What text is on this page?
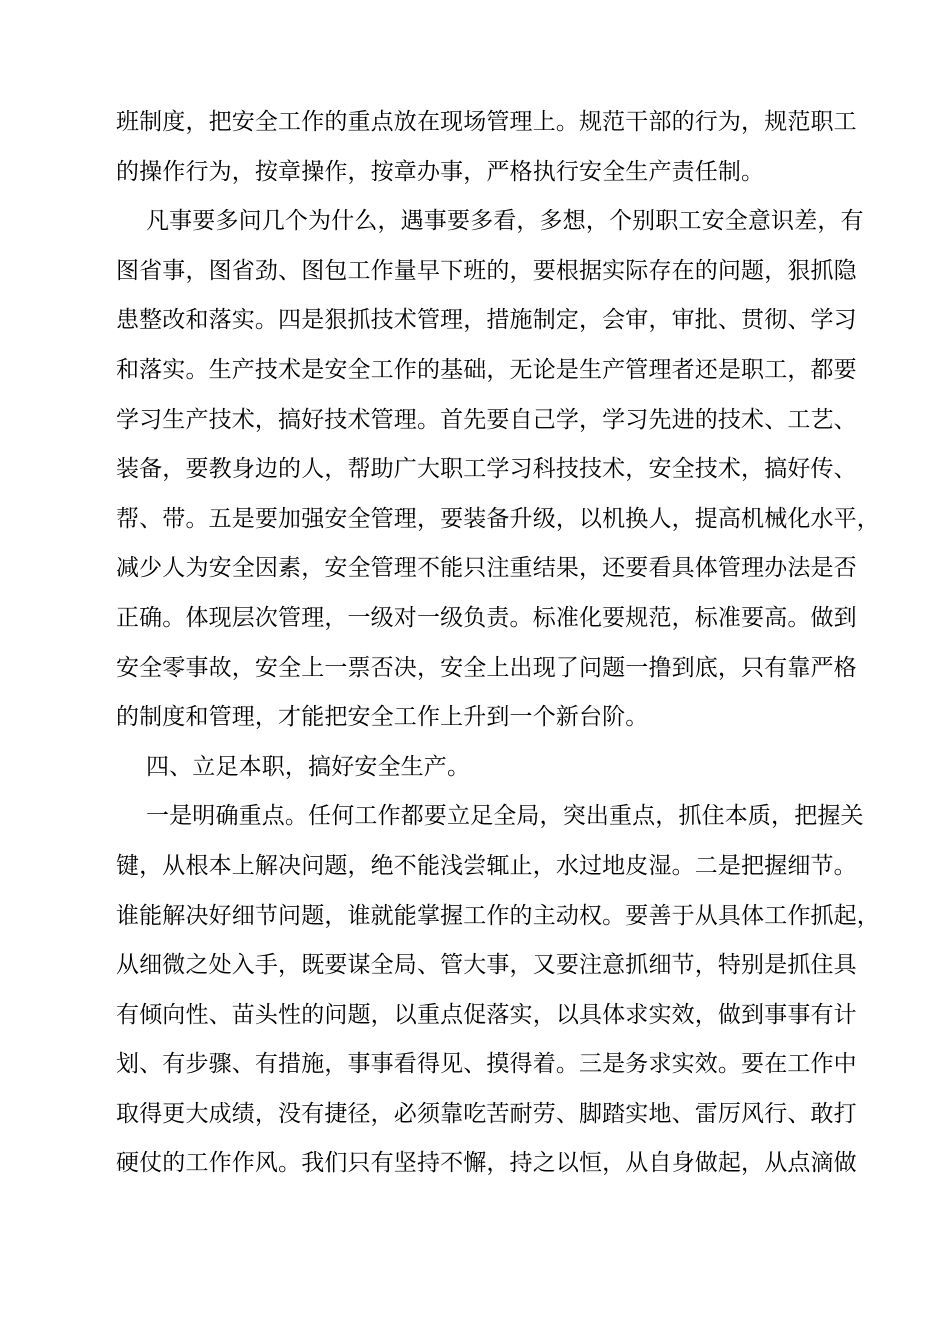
班制度，把安全工作的重点放在现场管理上。规范干部的行为，规范职工
的操作行为，按章操作，按章办事，严格执行安全生产责任制。
凡事要多问几个为什么，遇事要多看，多想，个别职工安全意识差，有
图省事，图省劲、图包工作量早下班的，要根据实际存在的问题，狠抓隐
患整改和落实。四是狠抓技术管理，措施制定，会审，审批、贯彻、学习
和落实。生产技术是安全工作的基础，无论是生产管理者还是职工，都要
学习生产技术，搞好技术管理。首先要自己学，学习先进的技术、工艺、
装备，要教身边的人，帮助广大职工学习科技技术，安全技术，搞好传、
帮、带。五是要加强安全管理，要装备升级，以机换人，提高机械化水平，
减少人为安全因素，安全管理不能只注重结果，还要看具体管理办法是否
正确。体现层次管理，一级对一级负责。标准化要规范，标准要高。做到
安全零事故，安全上一票否决，安全上出现了问题一撸到底，只有靠严格
的制度和管理，才能把安全工作上升到一个新台阶。
四、立足本职，搞好安全生产。
一是明确重点。任何工作都要立足全局，突出重点，抓住本质，把握关
键，从根本上解决问题，绝不能浅尝辄止，水过地皮湿。二是把握细节。
谁能解决好细节问题，谁就能掌握工作的主动权。要善于从具体工作抓起，
从细微之处入手，既要谋全局、管大事，又要注意抓细节，特别是抓住具
有倾向性、苗头性的问题，以重点促落实，以具体求实效，做到事事有计
划、有步骤、有措施，事事看得见、摸得着。三是务求实效。要在工作中
取得更大成绩，没有捷径，必须靠吃苦耐劳、脚踏实地、雷厉风行、敢打
硬仗的工作作风。我们只有坚持不懈，持之以恒，从自身做起，从点滴做
